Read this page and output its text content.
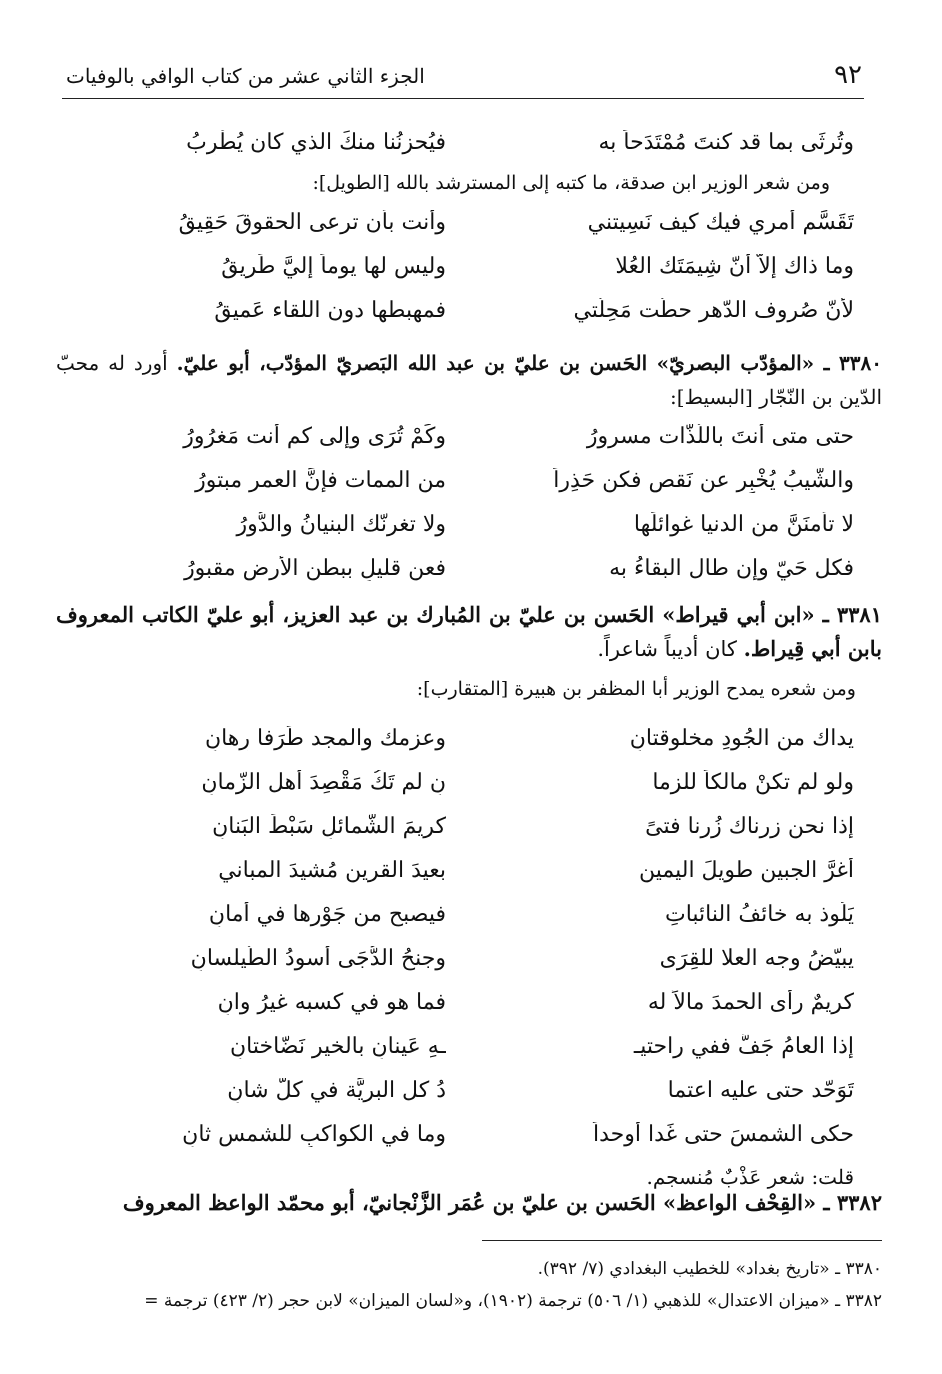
٩٢
الجزء الثاني عشر من كتاب الوافي بالوفيات
وتُرثَى بما قد كنتَ مُمْتَدَحاً به
فيُحزِنُنا منكَ الذي كان يُطْرِبُ
ومن شعر الوزير ابن صدقة، ما كتبه إلى المسترشد بالله [الطويل]:
تَقَسَّم أمري فيك كيف نَسِيتني
وأنت بأن ترعى الحقوقَ حَقِيقُ
وما ذاك إلاّ أنّ شِيمَتَك العُلا
وليس لها يوماً إليَّ طَرِيقُ
لأنّ صُروف الدّهر حطَّت مَحِلّتي
فمهبطها دون اللقاء عَميقُ
٣٣٨٠ ـ «المؤدّب البصريّ» الحَسن بن عليّ بن عبد الله البَصريّ المؤدّب، أبو عليّ. أورد له محبّ الدّين بن النّجّار [البسيط]:
حتى متى أنتَ باللّذّات مسرورُ
وكَمْ تُرَى وإلى كم أنت مَغرُورُ
والشّيبُ يُخْبِر عن نَقص فكن حَذِراً
من الممات فإنَّ العمر مبتورُ
لا تأمنَنَّ من الدنيا غوائلَها
ولا تغرنّك البنيانُ والدُّورُ
فكل حَيّ وإن طال البقاءُ به
فعن قليلٍ ببطن الأرض مقبورُ
٣٣٨١ ـ «ابن أبي قيراط» الحَسن بن عليّ بن المُبارك بن عبد العزيز، أبو عليّ الكاتب المعروف بابن أبي قِيراط. كان أديباً شاعراً.
ومن شعره يمدح الوزير أبا المظفر بن هبيرة [المتقارب]:
يداك من الجُودِ مخلوقتانِ
وعزمك والمجد طَرَفا رِهانِ
ولو لم تكنْ مالكاً للزما
نِ لم تَكُ مَقْصِدَ أهل الزّمانِ
إذا نحن زرناك زُرنا فتىً
كريمَ الشّمائلِ سَبْطَ البَنانِ
أغرَّ الجبين طويلَ اليمين
بعيدَ القرين مُشيدَ المباني
يَلُوذ به خائفُ النائباتِ
فيصبح من جَوْرِها في أمانِ
يبيّضُ وجه العلا للقِرَى
وجنحُ الدُّجَى أسودُ الطَّيلسانِ
كريمٌ رأى الحمدَ مالاً له
فما هو في كسبه غيرُ وانِ
إذا العامُ جَفَّ ففي راحتيـ
ـهِ عَينانِ بالخير نَضّاختانِ
تَوَحّد حتى عليه اعتما
دُ كل البريَّة في كلّ شانِ
حكى الشمسَ حتى غَدا أوحداً
وما في الكواكبِ للشمس ثانِ
قلت: شعر عَذْبٌ مُنسجم.
٣٣٨٢ ـ «القِحْف الواعظ» الحَسن بن عليّ بن عُمَر الزَّنْجانيّ، أبو محمّد الواعظ المعروف
٣٣٨٠ ـ «تاريخ بغداد» للخطيب البغدادي (٧/ ٣٩٢).
٣٣٨٢ ـ «ميزان الاعتدال» للذهبي (١/ ٥٠٦) ترجمة (١٩٠٢)، و«لسان الميزان» لابن حجر (٢/ ٤٢٣) ترجمة =
